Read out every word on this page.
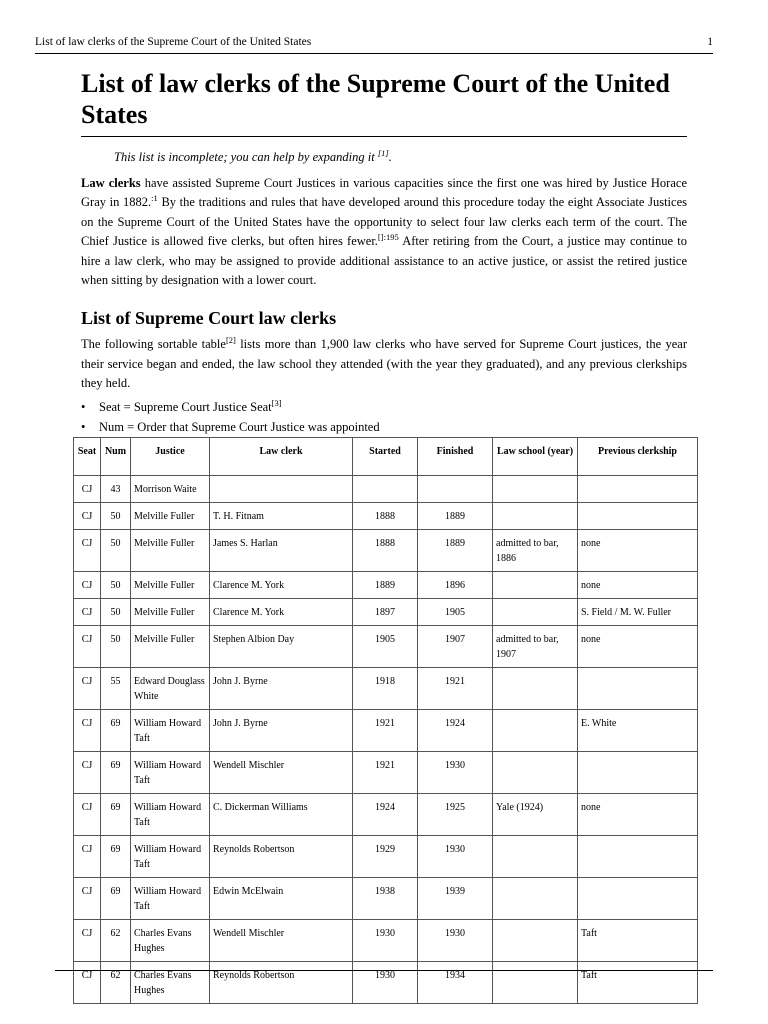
List of law clerks of the Supreme Court of the United States	1
List of law clerks of the Supreme Court of the United States
This list is incomplete; you can help by expanding it [1].

Law clerks have assisted Supreme Court Justices in various capacities since the first one was hired by Justice Horace Gray in 1882.$^{:1}$ By the traditions and rules that have developed around this procedure today the eight Associate Justices on the Supreme Court of the United States have the opportunity to select four law clerks each term of the court. The Chief Justice is allowed five clerks, but often hires fewer.$^{[]:195}$ After retiring from the Court, a justice may continue to hire a law clerk, who may be assigned to provide additional assistance to an active justice, or assist the retired justice when sitting by designation with a lower court.

List of Supreme Court law clerks

The following sortable table[2] lists more than 1,900 law clerks who have served for Supreme Court justices, the year their service began and ended, the law school they attended (with the year they graduated), and any previous clerkships they held.

• Seat = Supreme Court Justice Seat[3]
• Num = Order that Supreme Court Justice was appointed
Seat	Num	Justice	Law clerk	Started	Finished	Law school (year)	Previous clerkship
CJ	43	Morrison Waite					
CJ	50	Melville Fuller	T. H. Fitnam	1888	1889		
CJ	50	Melville Fuller	James S. Harlan	1888	1889	admitted to bar, 1886	none
CJ	50	Melville Fuller	Clarence M. York	1889	1896		none
CJ	50	Melville Fuller	Clarence M. York	1897	1905		S. Field / M. W. Fuller
CJ	50	Melville Fuller	Stephen Albion Day	1905	1907	admitted to bar, 1907	none
CJ	55	Edward Douglass White	John J. Byrne	1918	1921		
CJ	69	William Howard Taft	John J. Byrne	1921	1924		E. White
CJ	69	William Howard Taft	Wendell Mischler	1921	1930		
CJ	69	William Howard Taft	C. Dickerman Williams	1924	1925	Yale (1924)	none
CJ	69	William Howard Taft	Reynolds Robertson	1929	1930		
CJ	69	William Howard Taft	Edwin McElwain	1938	1939		
CJ	62	Charles Evans Hughes	Wendell Mischler	1930	1930		Taft
CJ	62	Charles Evans Hughes	Reynolds Robertson	1930	1934		Taft
